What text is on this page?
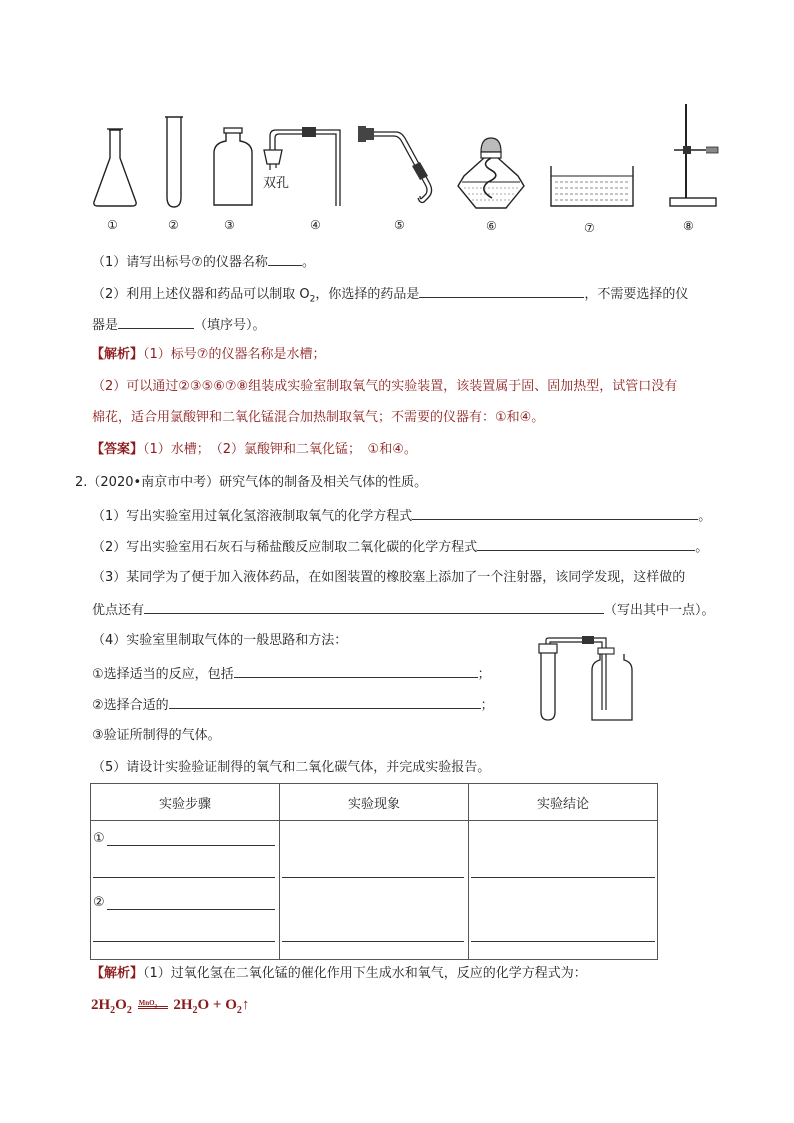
双孔
①	②	③	④	⑤	⑥	⑦	⑧
（1）请写出标号⑦的仪器名称	。
（2）利用上述仪器和药品可以制取 $O_2$，你选择的药品是	，不需要选择的仪
器是	（填序号）。
【解析】（1）标号⑦的仪器名称是水槽；
（2）可以通过②③⑤⑥⑦⑧组装成实验室制取氧气的实验装置，该装置属于固、固加热型，试管口没有
棉花，适合用氯酸钾和二氧化锰混合加热制取氧气；不需要的仪器有：①和④。
【答案】（1）水槽；　（2）氯酸钾和二氧化锰；　①和④。
2.（2020•南京市中考）研究气体的制备及相关气体的性质。
（1）写出实验室用过氧化氢溶液制取氧气的化学方程式	。
（2）写出实验室用石灰石与稀盐酸反应制取二氧化碳的化学方程式	。
（3）某同学为了便于加入液体药品，在如图装置的橡胶塞上添加了一个注射器，该同学发现，这样做的
优点还有	（写出其中一点）。
（4）实验室里制取气体的一般思路和方法：
①选择适当的反应，包括	；
②选择合适的	；
③验证所制得的气体。
（5）请设计实验验证制得的氧气和二氧化碳气体，并完成实验报告。
实验步骤	实验现象	实验结论

①
②		

【解析】（1）过氧化氢在二氧化锰的催化作用下生成水和氧气，反应的化学方程式为：
$2H_2O_2$
MnO$_2$ $2H_2O$ + $O_2↑$
